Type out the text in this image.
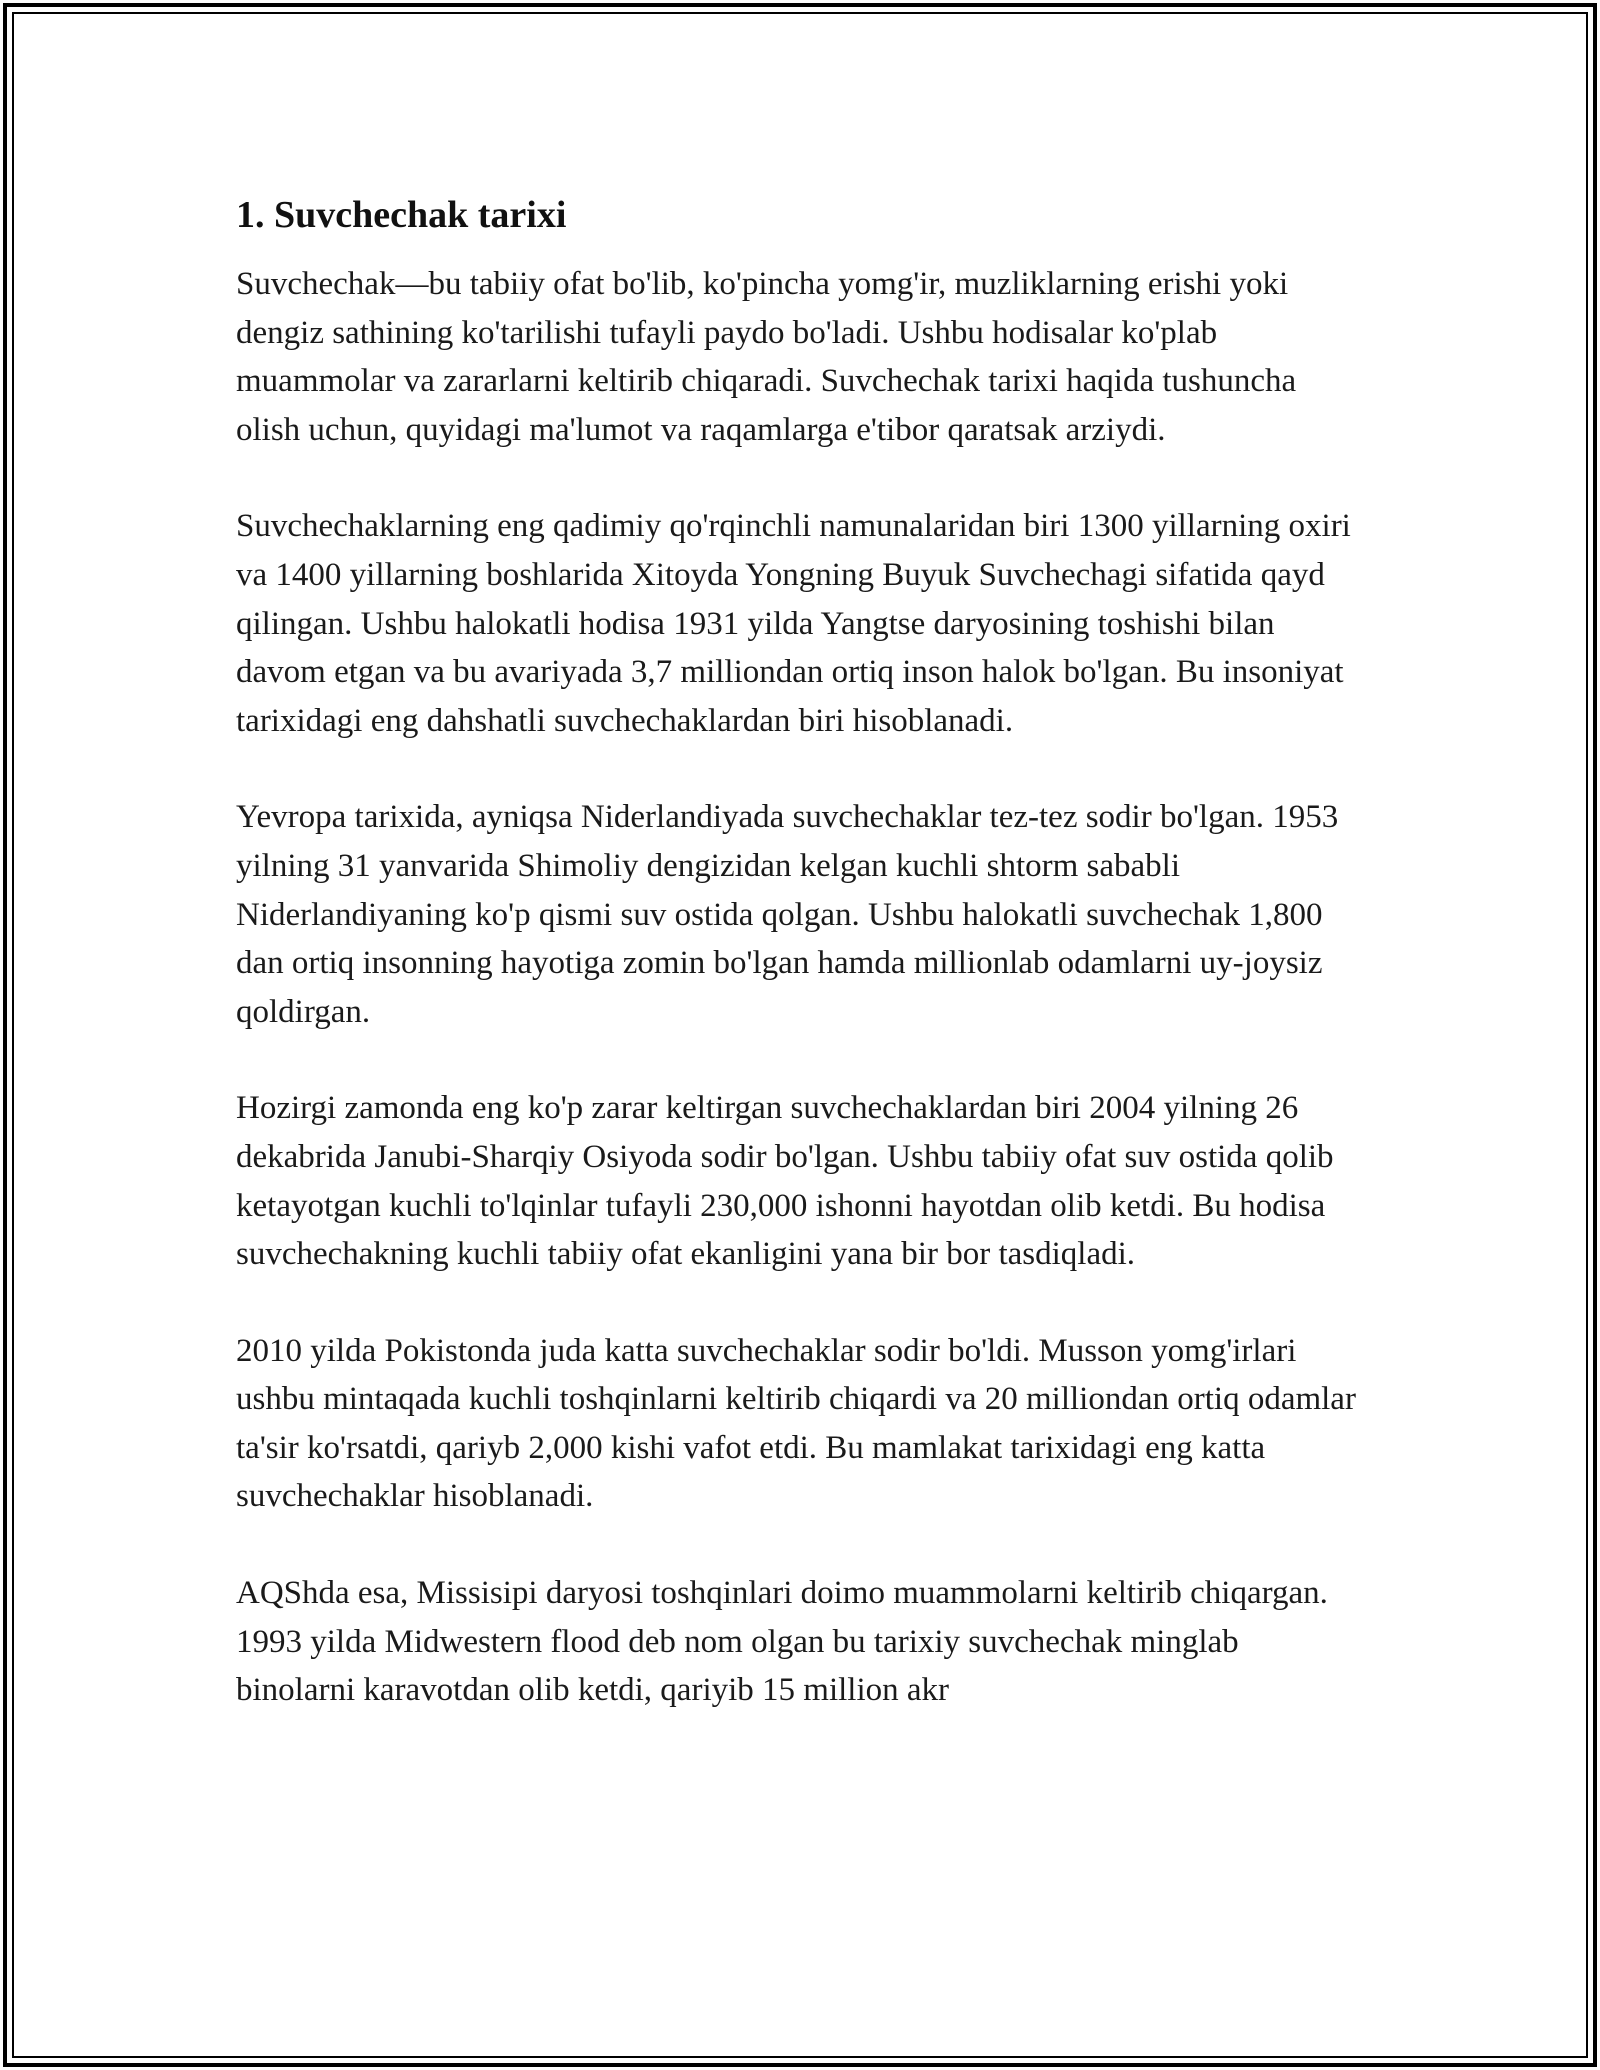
1. Suvchechak tarixi

Suvchechak—bu tabiiy ofat bo'lib, ko'pincha yomg'ir, muzliklarning erishi yoki dengiz sathining ko'tarilishi tufayli paydo bo'ladi. Ushbu hodisalar ko'plab muammolar va zararlarni keltirib chiqaradi. Suvchechak tarixi haqida tushuncha olish uchun, quyidagi ma'lumot va raqamlarga e'tibor qaratsak arziydi.

Suvchechaklarning eng qadimiy qo'rqinchli namunalaridan biri 1300 yillarning oxiri va 1400 yillarning boshlarida Xitoyda Yongning Buyuk Suvchechagi sifatida qayd qilingan. Ushbu halokatli hodisa 1931 yilda Yangtse daryosining toshishi bilan davom etgan va bu avariyada 3,7 milliondan ortiq inson halok bo'lgan. Bu insoniyat tarixidagi eng dahshatli suvchechaklardan biri hisoblanadi.

Yevropa tarixida, ayniqsa Niderlandiyada suvchechaklar tez-tez sodir bo'lgan. 1953 yilning 31 yanvarida Shimoliy dengizidan kelgan kuchli shtorm sababli Niderlandiyaning ko'p qismi suv ostida qolgan. Ushbu halokatli suvchechak 1,800 dan ortiq insonning hayotiga zomin bo'lgan hamda millionlab odamlarni uy-joysiz qoldirgan.

Hozirgi zamonda eng ko'p zarar keltirgan suvchechaklardan biri 2004 yilning 26 dekabrida Janubi-Sharqiy Osiyoda sodir bo'lgan. Ushbu tabiiy ofat suv ostida qolib ketayotgan kuchli to'lqinlar tufayli 230,000 ishonni hayotdan olib ketdi. Bu hodisa suvchechakning kuchli tabiiy ofat ekanligini yana bir bor tasdiqladi.

2010 yilda Pokistonda juda katta suvchechaklar sodir bo'ldi. Musson yomg'irlari ushbu mintaqada kuchli toshqinlarni keltirib chiqardi va 20 milliondan ortiq odamlar ta'sir ko'rsatdi, qariyb 2,000 kishi vafot etdi. Bu mamlakat tarixidagi eng katta suvchechaklar hisoblanadi.

AQShda esa, Missisipi daryosi toshqinlari doimo muammolarni keltirib chiqargan. 1993 yilda Midwestern flood deb nom olgan bu tarixiy suvchechak minglab binolarni karavotdan olib ketdi, qariyib 15 million akr
